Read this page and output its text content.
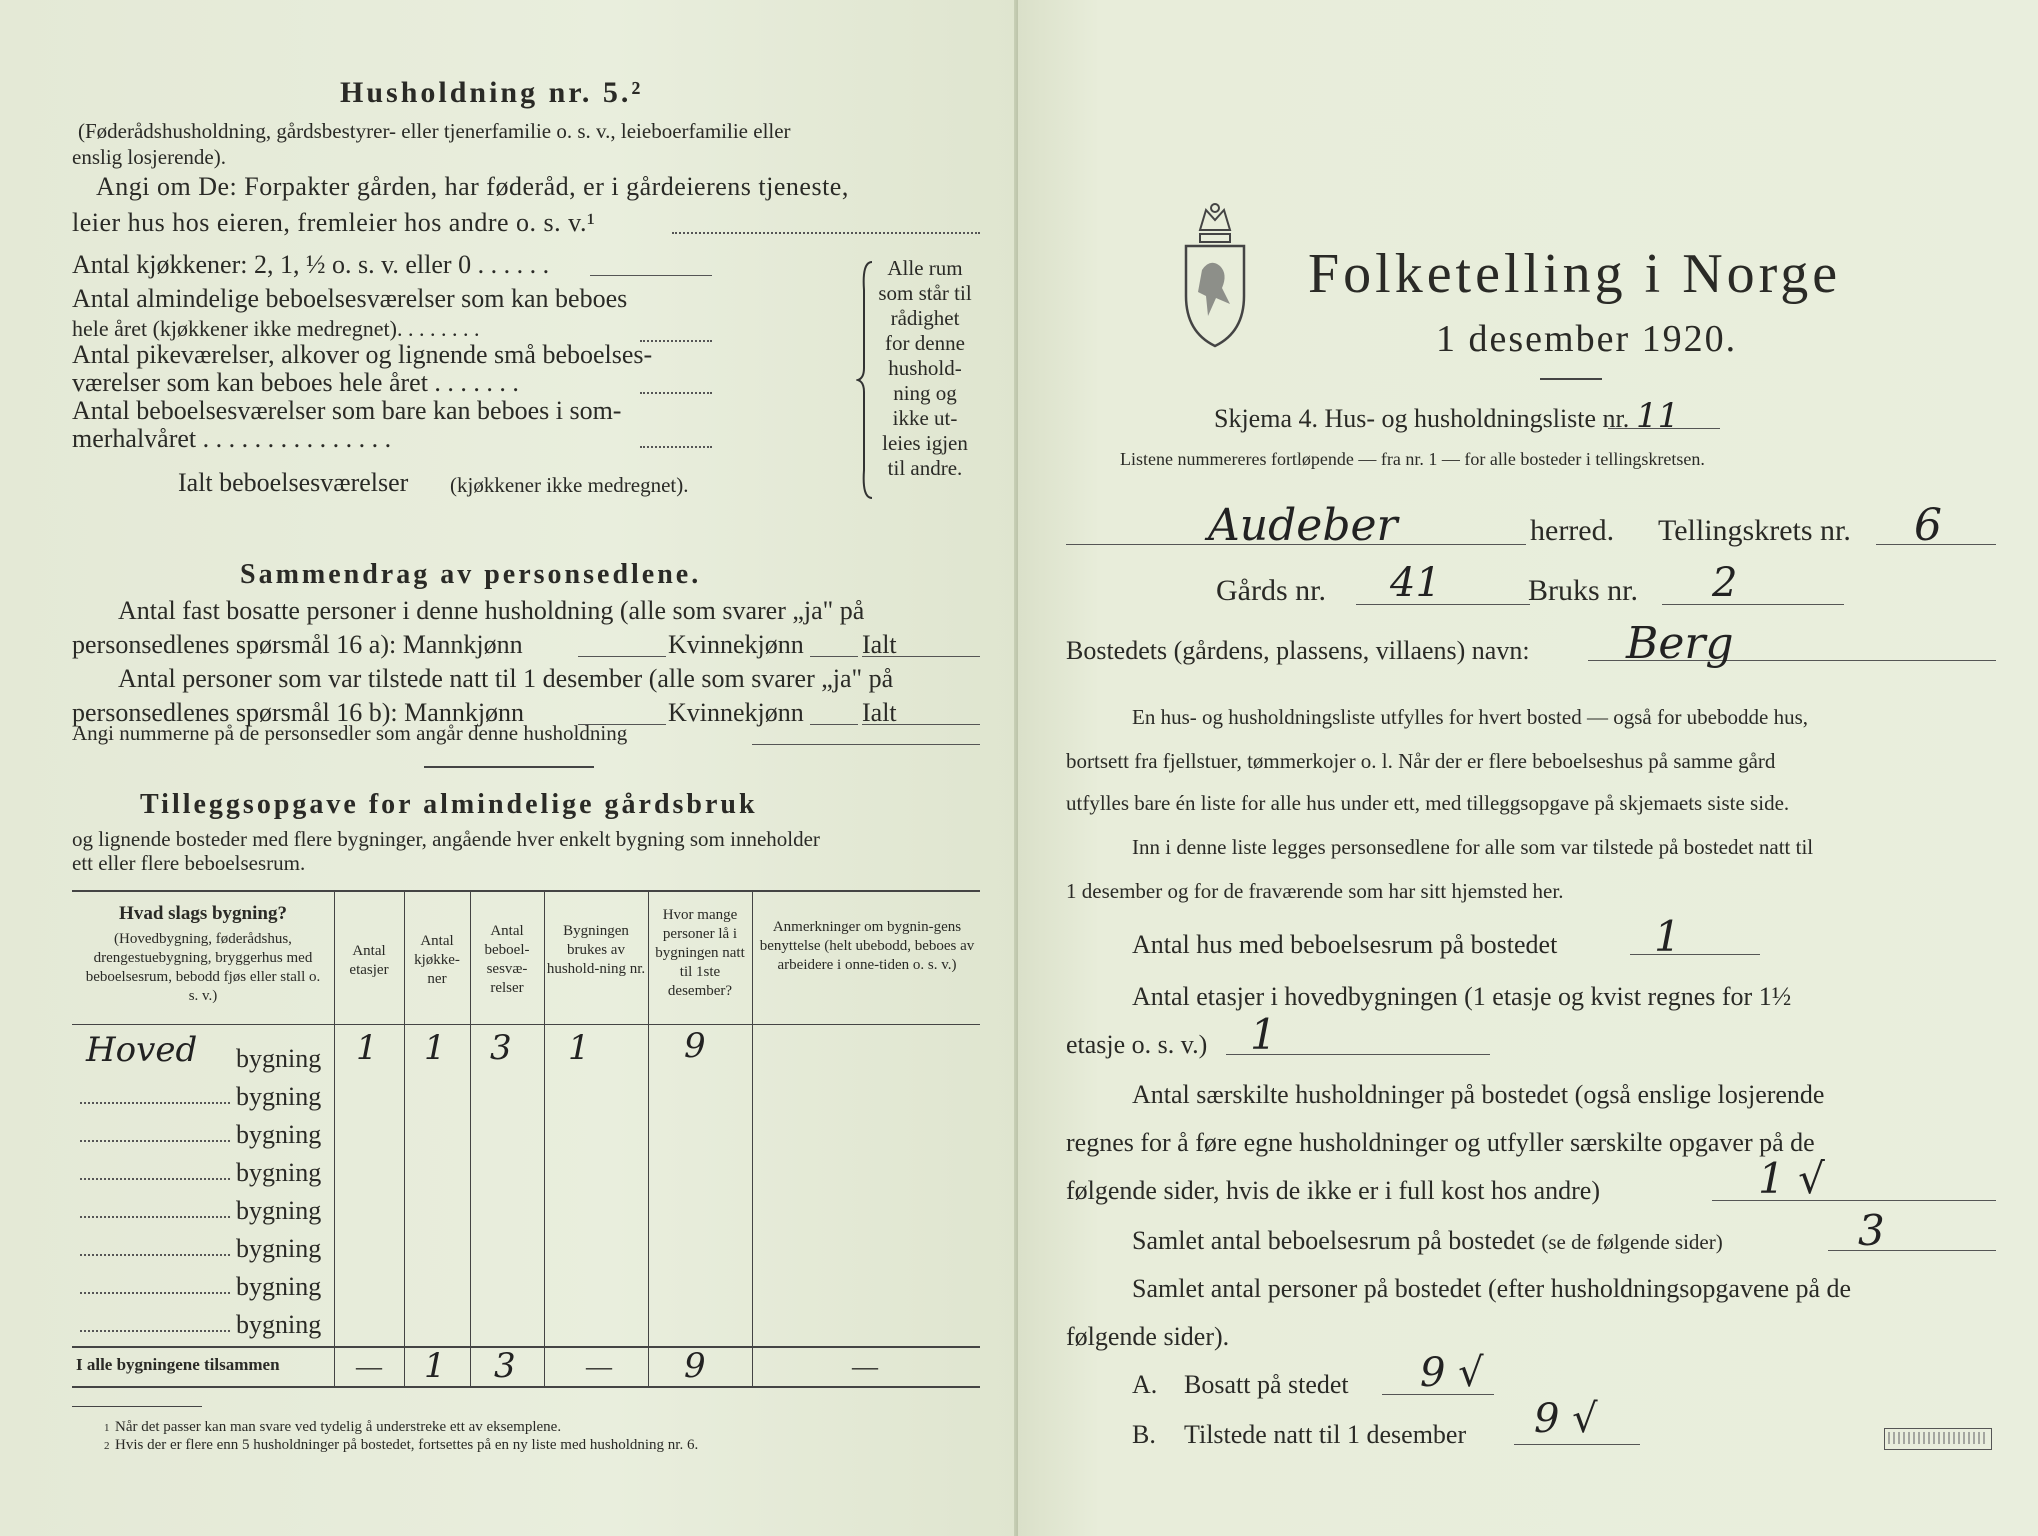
Husholdning nr. 5.²
(Føderådshusholdning, gårdsbestyrer- eller tjenerfamilie o. s. v., leieboerfamilie eller
enslig losjerende).
Angi om De: Forpakter gården, har føderåd, er i gårdeierens tjeneste,
leier hus hos eieren, fremleier hos andre o. s. v.¹
Antal kjøkkener: 2, 1, ½ o. s. v. eller 0 . . . . . .
Antal almindelige beboelsesværelser som kan beboes
hele året (kjøkkener ikke medregnet). . . . . . . .
Antal pikeværelser, alkover og lignende små beboelses-
værelser som kan beboes hele året . . . . . . .
Antal beboelsesværelser som bare kan beboes i som-
merhalvåret . . . . . . . . . . . . . . .
Ialt beboelsesværelser (kjøkkener ikke medregnet).
Alle rum
som står til
rådighet
for denne
hushold-
ning og
ikke ut-
leies igjen
til andre.
Sammendrag av personsedlene.
Antal fast bosatte personer i denne husholdning (alle som svarer „ja" på
personsedlenes spørsmål 16 a): Mannkjønn	Kvinnekjønn Ialt
Antal personer som var tilstede natt til 1 desember (alle som svarer „ja" på
personsedlenes spørsmål 16 b): Mannkjønn	Kvinnekjønn Ialt
Angi nummerne på de personsedler som angår denne husholdning
Tilleggsopgave for almindelige gårdsbruk
og lignende bosteder med flere bygninger, angående hver enkelt bygning som inneholder
ett eller flere beboelsesrum.
Hvad slags bygning?
(Hovedbygning, føderådshus, drengestuebygning, bryggerhus med beboelsesrum, bebodd fjøs eller stall o. s. v.)
Antal etasjer
Antal kjøkke-ner
Antal beboel-sesvæ-relser
Bygningen brukes av hushold-ning nr.
Hvor mange personer lå i bygningen natt til 1ste desember?
Anmerkninger om bygnin-gens benyttelse (helt ubebodd, beboes av arbeidere i onne-tiden o. s. v.)
Hoved bygning 1 1 3 1	9
bygning
bygning
bygning
bygning
bygning
bygning
bygning
I alle bygningene tilsammen	— 1 3	— 9	—
1  Når det passer kan man svare ved tydelig å understreke ett av eksemplene.
2  Hvis der er flere enn 5 husholdninger på bostedet, fortsettes på en ny liste med husholdning nr. 6.
Folketelling i Norge
1 desember 1920.
Skjema 4. Hus- og husholdningsliste nr. 11
Listene nummereres fortløpende — fra nr. 1 — for alle bosteder i tellingskretsen.
Audeber	herred. Tellingskrets nr. 6
Gårds nr. 41	Bruks nr. 2
Bostedets (gårdens, plassens, villaens) navn: Berg
En hus- og husholdningsliste utfylles for hvert bosted — også for ubebodde hus,
bortsett fra fjellstuer, tømmerkojer o. l. Når der er flere beboelseshus på samme gård
utfylles bare én liste for alle hus under ett, med tilleggsopgave på skjemaets siste side.
Inn i denne liste legges personsedlene for alle som var tilstede på bostedet natt til
1 desember og for de fraværende som har sitt hjemsted her.
Antal hus med beboelsesrum på bostedet 1
Antal etasjer i hovedbygningen (1 etasje og kvist regnes for 1½
etasje o. s. v.) 1
Antal særskilte husholdninger på bostedet (også enslige losjerende
regnes for å føre egne husholdninger og utfyller særskilte opgaver på de
følgende sider, hvis de ikke er i full kost hos andre)	1 √
Samlet antal beboelsesrum på bostedet (se de følgende sider)	3
Samlet antal personer på bostedet (efter husholdningsopgavene på de
følgende sider).
A. Bosatt på stedet 9 √
B. Tilstede natt til 1 desember 9 √
